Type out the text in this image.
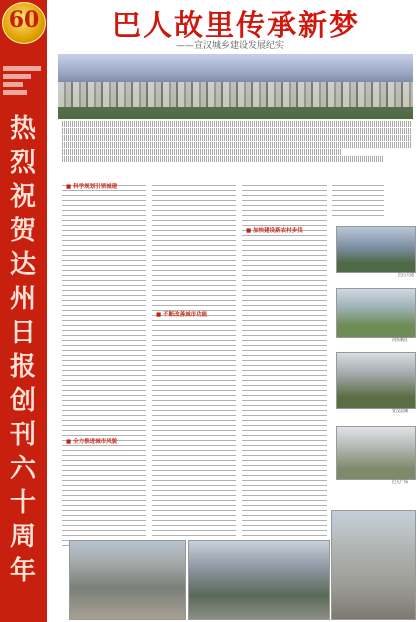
60
热烈祝贺达州日报创刊六十周年
巴人故里传承新梦
——宣汉城乡建设发展纪实
■ 科学规划引领城建
■ 全力推进城市风貌
■ 不断改善城市功能
■ 加快建设新农村步伐
巴山大道
河东新区
宣汉县城
巴人广场
